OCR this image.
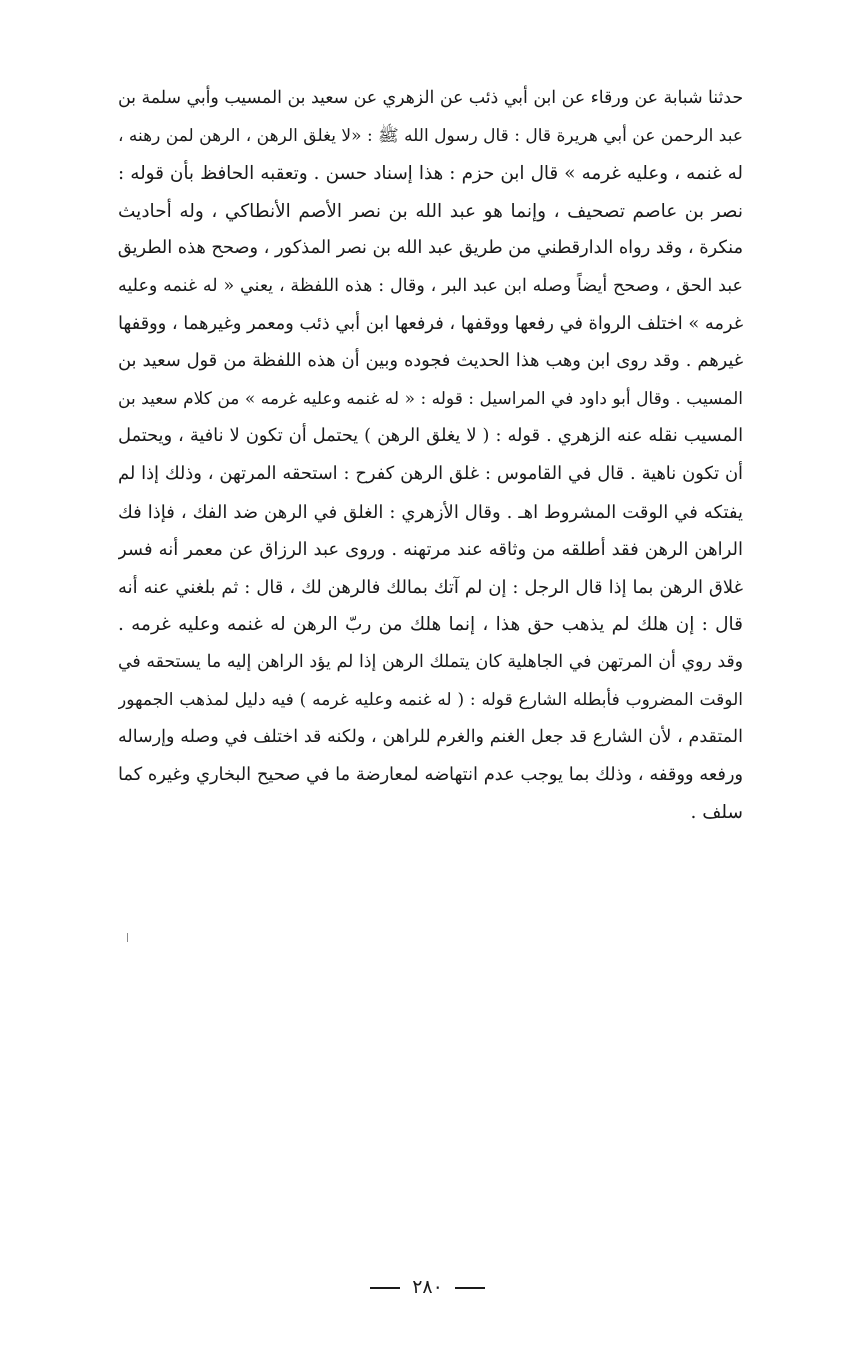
حدثنا شبابة عن ورقاء عن ابن أبي ذئب عن الزهري عن سعيد بن المسيب وأبي سلمة بن
عبد الرحمن عن أبي هريرة قال : قال رسول الله ﷺ : «لا يغلق الرهن ، الرهن لمن رهنه ،
له غنمه ، وعليه غرمه » قال ابن حزم : هذا إسناد حسن . وتعقبه الحافظ بأن قوله :
نصر بن عاصم تصحيف ، وإنما هو عبد الله بن نصر الأصم الأنطاكي ، وله أحاديث
منكرة ، وقد رواه الدارقطني من طريق عبد الله بن نصر المذكور ، وصحح هذه الطريق
عبد الحق ، وصحح أيضاً وصله ابن عبد البر ، وقال : هذه اللفظة ، يعني « له غنمه وعليه
غرمه » اختلف الرواة في رفعها ووقفها ، فرفعها ابن أبي ذئب ومعمر وغيرهما ، ووقفها
غيرهم . وقد روى ابن وهب هذا الحديث فجوده وبين أن هذه اللفظة من قول سعيد بن
المسيب . وقال أبو داود في المراسيل : قوله : « له غنمه وعليه غرمه » من كلام سعيد بن
المسيب نقله عنه الزهري . قوله : ( لا يغلق الرهن ) يحتمل أن تكون لا نافية ، ويحتمل
أن تكون ناهية . قال في القاموس : غلق الرهن كفرح : استحقه المرتهن ، وذلك إذا لم
يفتكه في الوقت المشروط اهـ . وقال الأزهري : الغلق في الرهن ضد الفك ، فإذا فك
الراهن الرهن فقد أطلقه من وثاقه عند مرتهنه . وروى عبد الرزاق عن معمر أنه فسر
غلاق الرهن بما إذا قال الرجل : إن لم آتك بمالك فالرهن لك ، قال : ثم بلغني عنه أنه
قال : إن هلك لم يذهب حق هذا ، إنما هلك من ربّ الرهن له غنمه وعليه غرمه .
وقد روي أن المرتهن في الجاهلية كان يتملك الرهن إذا لم يؤد الراهن إليه ما يستحقه في
الوقت المضروب فأبطله الشارع قوله : ( له غنمه وعليه غرمه ) فيه دليل لمذهب الجمهور
المتقدم ، لأن الشارع قد جعل الغنم والغرم للراهن ، ولكنه قد اختلف في وصله وإرساله
ورفعه ووقفه ، وذلك بما يوجب عدم انتهاضه لمعارضة ما في صحيح البخاري وغيره كما
سلف .
٢٨٠
